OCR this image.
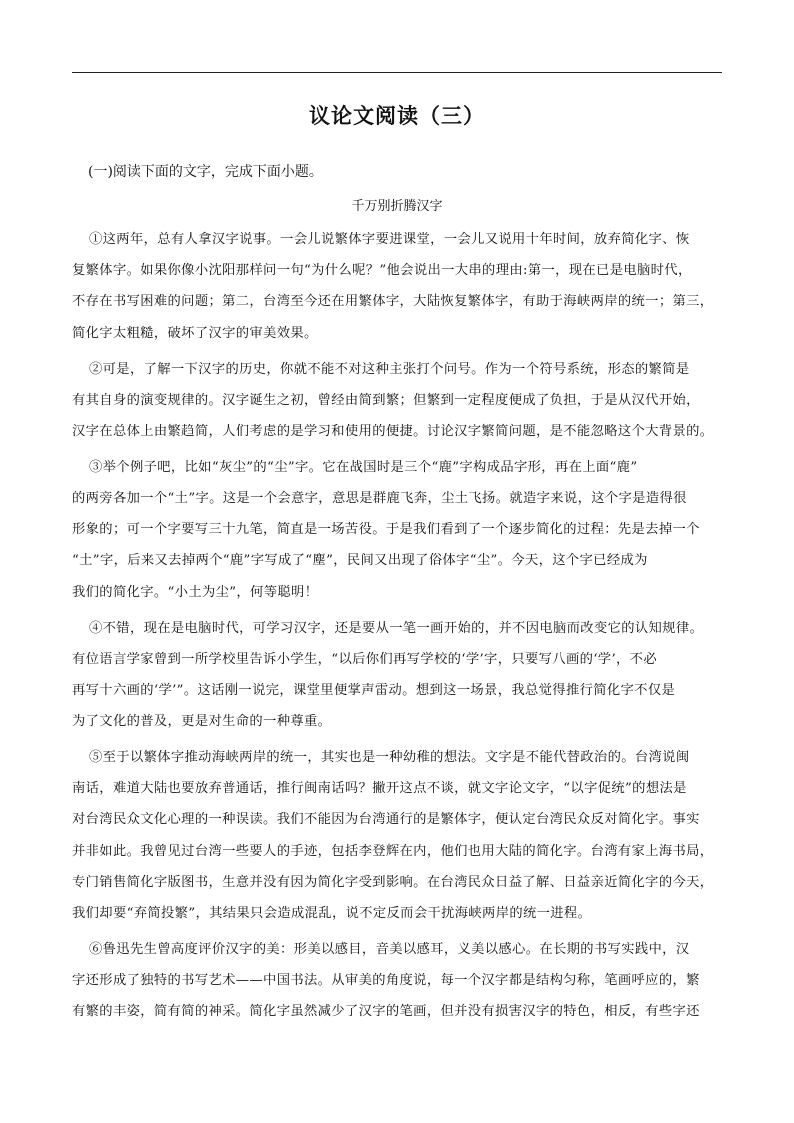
议论文阅读（三）
(一)阅读下面的文字，完成下面小题。
千万别折腾汉字

①这两年，总有人拿汉字说事。一会儿说繁体字要进课堂，一会儿又说用十年时间，放弃简化字、恢
复繁体字。如果你像小沈阳那样问一句“为什么呢？”他会说出一大串的理由:第一，现在已是电脑时代，
不存在书写困难的问题；第二，台湾至今还在用繁体字，大陆恢复繁体字，有助于海峡两岸的统一；第三，
简化字太粗糙，破坏了汉字的审美效果。

②可是，了解一下汉字的历史，你就不能不对这种主张打个问号。作为一个符号系统，形态的繁简是
有其自身的演变规律的。汉字诞生之初，曾经由简到繁；但繁到一定程度便成了负担，于是从汉代开始，
汉字在总体上由繁趋简，人们考虑的是学习和使用的便捷。讨论汉字繁简问题，是不能忽略这个大背景的。

③举个例子吧，比如“灰尘”的“尘”字。它在战国时是三个“鹿”字构成品字形，再在上面“鹿”
的两旁各加一个“土”字。这是一个会意字，意思是群鹿飞奔，尘土飞扬。就造字来说，这个字是造得很
形象的；可一个字要写三十九笔，简直是一场苦役。于是我们看到了一个逐步简化的过程：先是去掉一个
“土”字，后来又去掉两个“鹿”字写成了“塵”，民间又出现了俗体字“尘”。今天，这个字已经成为
我们的简化字。“小土为尘”，何等聪明！

④不错，现在是电脑时代，可学习汉字，还是要从一笔一画开始的，并不因电脑而改变它的认知规律。
有位语言学家曾到一所学校里告诉小学生，“以后你们再写学校的‘学’字，只要写八画的‘学’，不必
再写十六画的‘学’”。这话刚一说完，课堂里便掌声雷动。想到这一场景，我总觉得推行简化字不仅是
为了文化的普及，更是对生命的一种尊重。

⑤至于以繁体字推动海峡两岸的统一，其实也是一种幼稚的想法。文字是不能代替政治的。台湾说闽
南话，难道大陆也要放弃普通话，推行闽南话吗？撇开这点不谈，就文字论文字，“以字促统”的想法是
对台湾民众文化心理的一种误读。我们不能因为台湾通行的是繁体字，便认定台湾民众反对简化字。事实
并非如此。我曾见过台湾一些要人的手迹，包括李登辉在内，他们也用大陆的简化字。台湾有家上海书局，
专门销售简化字版图书，生意并没有因为简化字受到影响。在台湾民众日益了解、日益亲近简化字的今天，
我们却要“弃简投繁”，其结果只会造成混乱，说不定反而会干扰海峡两岸的统一进程。

⑥鲁迅先生曾高度评价汉字的美：形美以感目，音美以感耳，义美以感心。在长期的书写实践中，汉
字还形成了独特的书写艺术——中国书法。从审美的角度说，每一个汉字都是结构匀称，笔画呼应的，繁
有繁的丰姿，简有简的神采。简化字虽然减少了汉字的笔画，但并没有损害汉字的特色，相反，有些字还
